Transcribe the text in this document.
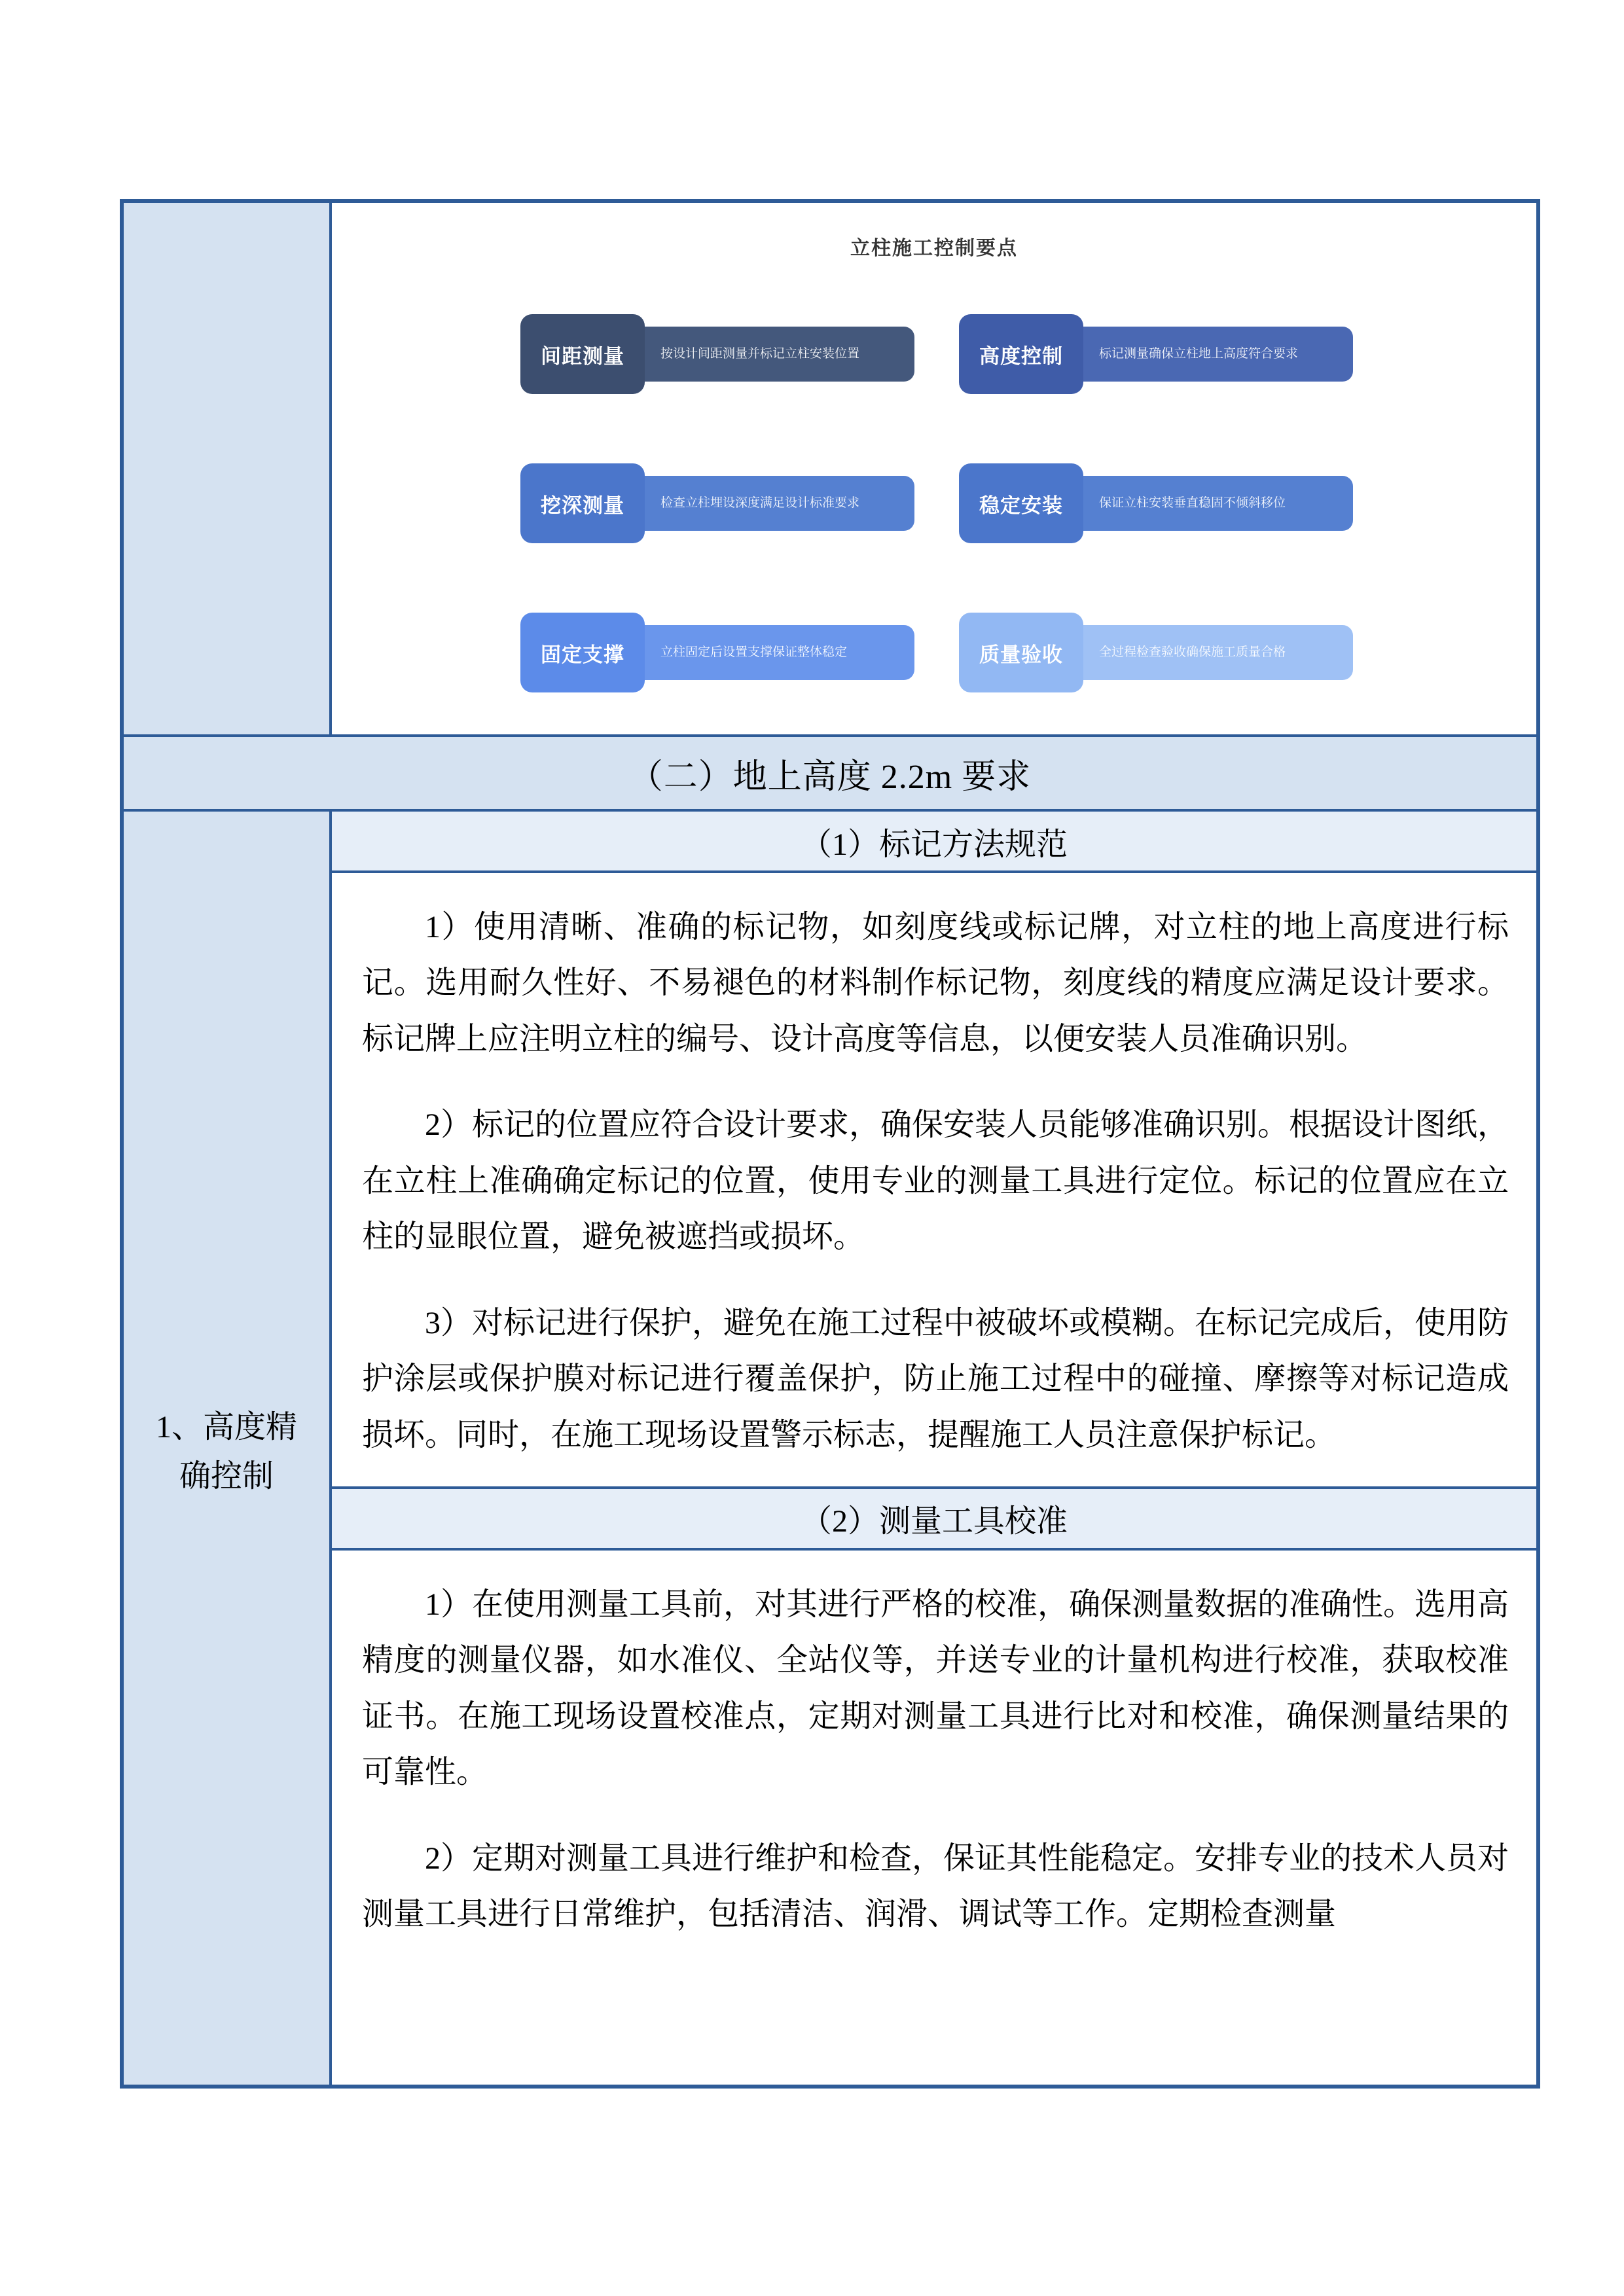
立柱施工控制要点
间距测量	按设计间距测量并标记立柱安装位置	高度控制	标记测量确保立柱地上高度符合要求
挖深测量	检查立柱埋设深度满足设计标准要求	稳定安装	保证立柱安装垂直稳固不倾斜移位
固定支撑	立柱固定后设置支撑保证整体稳定	质量验收	全过程检查验收确保施工质量合格
（二）地上高度 2.2m 要求
1、高度精确控制
（1）标记方法规范

1）使用清晰、准确的标记物，如刻度线或标记牌，对立柱的地上高度进行标记。选用耐久性好、不易褪色的材料制作标记物，刻度线的精度应满足设计要求。标记牌上应注明立柱的编号、设计高度等信息，以便安装人员准确识别。

2）标记的位置应符合设计要求，确保安装人员能够准确识别。根据设计图纸，在立柱上准确确定标记的位置，使用专业的测量工具进行定位。标记的位置应在立柱的显眼位置，避免被遮挡或损坏。

3）对标记进行保护，避免在施工过程中被破坏或模糊。在标记完成后，使用防护涂层或保护膜对标记进行覆盖保护，防止施工过程中的碰撞、摩擦等对标记造成损坏。同时，在施工现场设置警示标志，提醒施工人员注意保护标记。

（2）测量工具校准

1）在使用测量工具前，对其进行严格的校准，确保测量数据的准确性。选用高精度的测量仪器，如水准仪、全站仪等，并送专业的计量机构进行校准，获取校准证书。在施工现场设置校准点，定期对测量工具进行比对和校准，确保测量结果的可靠性。

2）定期对测量工具进行维护和检查，保证其性能稳定。安排专业的技术人员对测量工具进行日常维护，包括清洁、润滑、调试等工作。定期检查测量
